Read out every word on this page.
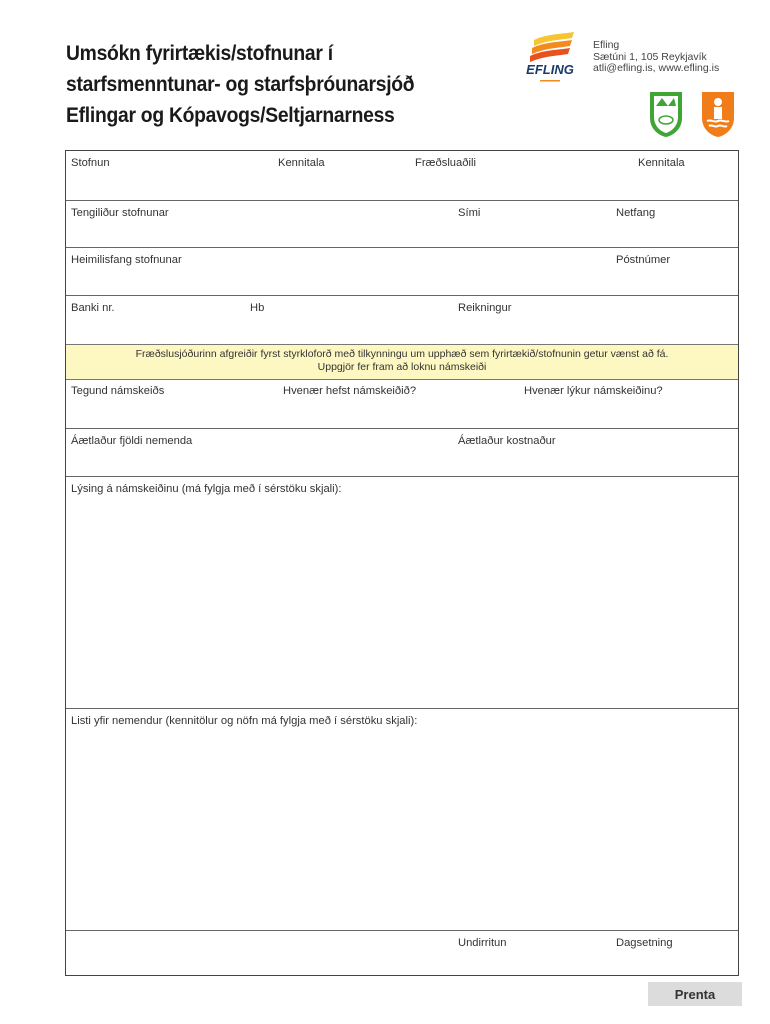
Umsókn fyrirtækis/stofnunar í
starfsmenntunar- og starfsþróunarsjóð
Eflingar og Kópavogs/Seltjarnarness
EFLING
Efling
Sætúni 1, 105 Reykjavík
atli@efling.is, www.efling.is
Stofnun	Kennitala	Fræðsluaðili	Kennitala
Tengiliður stofnunar	Sími	Netfang
Heimilisfang stofnunar	Póstnúmer
Banki nr.	Hb	Reikningur
Fræðslusjóðurinn afgreiðir fyrst styrkloforð með tilkynningu um upphæð sem fyrirtækið/stofnunin getur vænst að fá.
Uppgjör fer fram að loknu námskeiði
Tegund námskeiðs	Hvenær hefst námskeiðið?	Hvenær lýkur námskeiðinu?
Áætlaður fjöldi nemenda	Áætlaður kostnaður
Lýsing á námskeiðinu (má fylgja með í sérstöku skjali):
Listi yfir nemendur (kennitölur og nöfn má fylgja með í sérstöku skjali):
Undirritun	Dagsetning
Prenta
